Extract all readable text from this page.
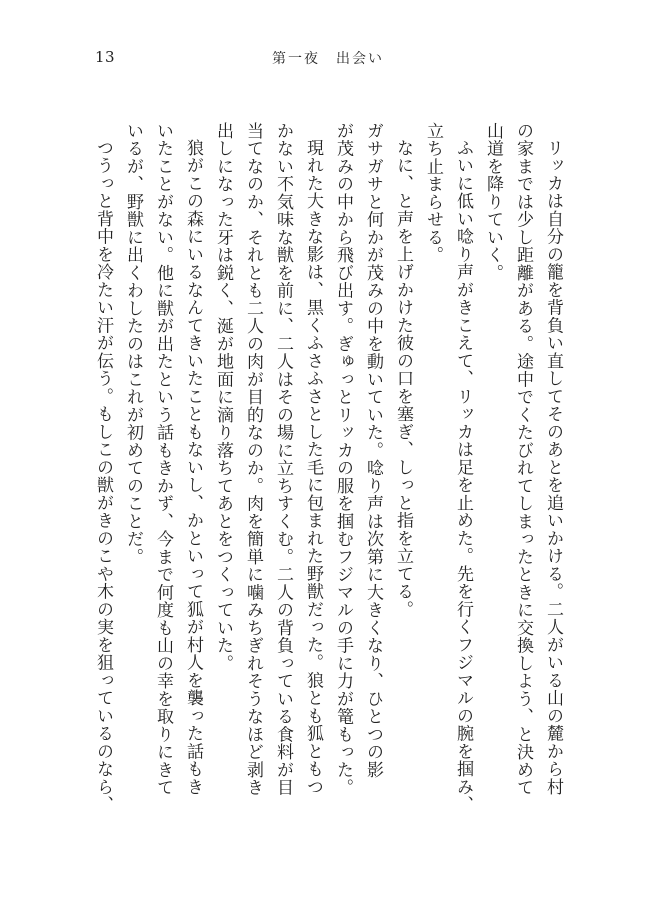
13	第一夜　出会い

リッカは自分の籠を背負い直してそのあとを追いかける。二人がいる山の麓から村
の家までは少し距離がある。途中でくたびれてしまったときに交換しよう、と決めて
山道を降りていく。

ふいに低い唸り声がきこえて、リッカは足を止めた。先を行くフジマルの腕を掴み、
立ち止まらせる。

なに、と声を上げかけた彼の口を塞ぎ、しっと指を立てる。

ガサガサと何かが茂みの中を動いていた。唸り声は次第に大きくなり、ひとつの影
が茂みの中から飛び出す。ぎゅっとリッカの服を掴むフジマルの手に力が篭もった。

現れた大きな影は、黒くふさふさとした毛に包まれた野獣だった。狼とも狐ともつ
かない不気味な獣を前に、二人はその場に立ちすくむ。二人の背負っている食料が目
当てなのか、それとも二人の肉が目的なのか。肉を簡単に噛みちぎれそうなほど剥き
出しになった牙は鋭く、涎が地面に滴り落ちてあとをつくっていた。

狼がこの森にいるなんてきいたこともないし、かといって狐が村人を襲った話もき
いたことがない。他に獣が出たという話もきかず、今まで何度も山の幸を取りにきて
いるが、野獣に出くわしたのはこれが初めてのことだ。

つうっと背中を冷たい汗が伝う。もしこの獣がきのこや木の実を狙っているのなら、
